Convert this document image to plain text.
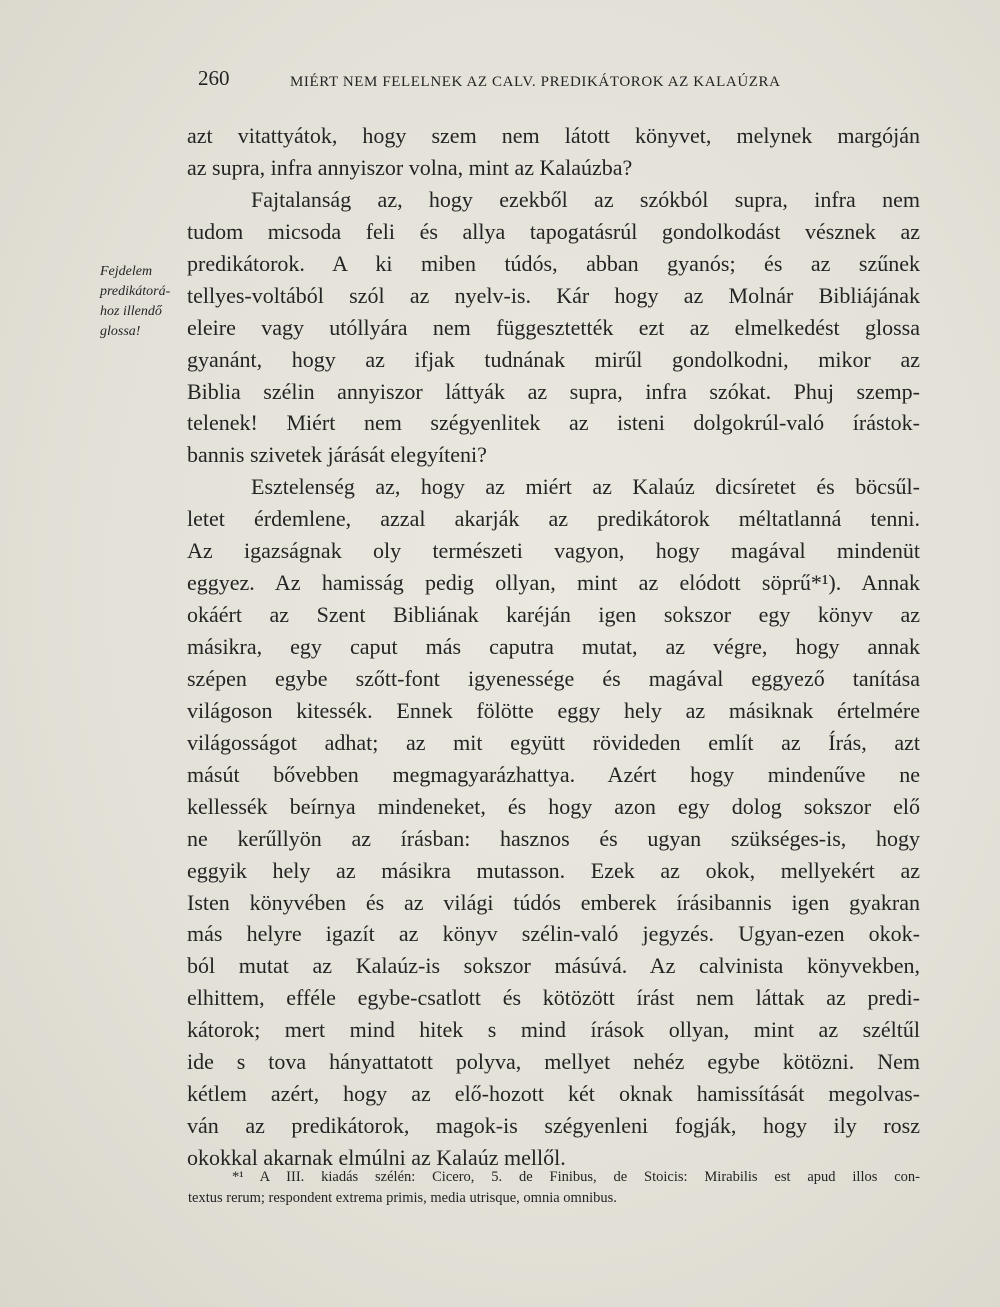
260	MIÉRT NEM FELELNEK AZ CALV. PREDIKÁTOROK AZ KALAÚZRA
Fejdelem
predikátorá-
hoz illendő
glossa!
azt vitattyátok, hogy szem nem látott könyvet, melynek margóján
az supra, infra annyiszor volna, mint az Kalaúzba?
Fajtalanság az, hogy ezekből az szókból supra, infra nem
tudom micsoda feli és allya tapogatásrúl gondolkodást vésznek az
predikátorok. A ki miben túdós, abban gyanós; és az szűnek
tellyes-voltából szól az nyelv-is. Kár hogy az Molnár Bibliájának
eleire vagy utóllyára nem függesztették ezt az elmelkedést glossa
gyanánt, hogy az ifjak tudnának mirűl gondolkodni, mikor az
Biblia szélin annyiszor láttyák az supra, infra szókat. Phuj szemp-
telenek! Miért nem szégyenlitek az isteni dolgokrúl-való írástok-
bannis szivetek járását elegyíteni?
Esztelenség az, hogy az miért az Kalaúz dicsíretet és böcsűl-
letet érdemlene, azzal akarják az predikátorok méltatlanná tenni.
Az igazságnak oly természeti vagyon, hogy magával mindenüt
eggyez. Az hamisság pedig ollyan, mint az elódott söprű*¹). Annak
okáért az Szent Bibliának karéján igen sokszor egy könyv az
másikra, egy caput más caputra mutat, az végre, hogy annak
szépen egybe szőtt-font igyenessége és magával eggyező tanítása
világoson kitessék. Ennek fölötte eggy hely az másiknak értelmére
világosságot adhat; az mit együtt rövideden említ az Írás, azt
másút bővebben megmagyarázhattya. Azért hogy mindenűve ne
kellessék beírnya mindeneket, és hogy azon egy dolog sokszor elő
ne kerűllyön az írásban: hasznos és ugyan szükséges-is, hogy
eggyik hely az másikra mutasson. Ezek az okok, mellyekért az
Isten könyvében és az világi túdós emberek írásibannis igen gyakran
más helyre igazít az könyv szélin-való jegyzés. Ugyan-ezen okok-
ból mutat az Kalaúz-is sokszor másúvá. Az calvinista könyvekben,
elhittem, efféle egybe-csatlott és kötözött írást nem láttak az predi-
kátorok; mert mind hitek s mind írások ollyan, mint az széltűl
ide s tova hányattatott polyva, mellyet nehéz egybe kötözni. Nem
kétlem azért, hogy az elő-hozott két oknak hamissítását megolvas-
ván az predikátorok, magok-is szégyenleni fogják, hogy ily rosz
okokkal akarnak elmúlni az Kalaúz mellől.
*¹ A III. kiadás szélén: Cicero, 5. de Finibus, de Stoicis: Mirabilis est apud illos con-
textus rerum; respondent extrema primis, media utrisque, omnia omnibus.
